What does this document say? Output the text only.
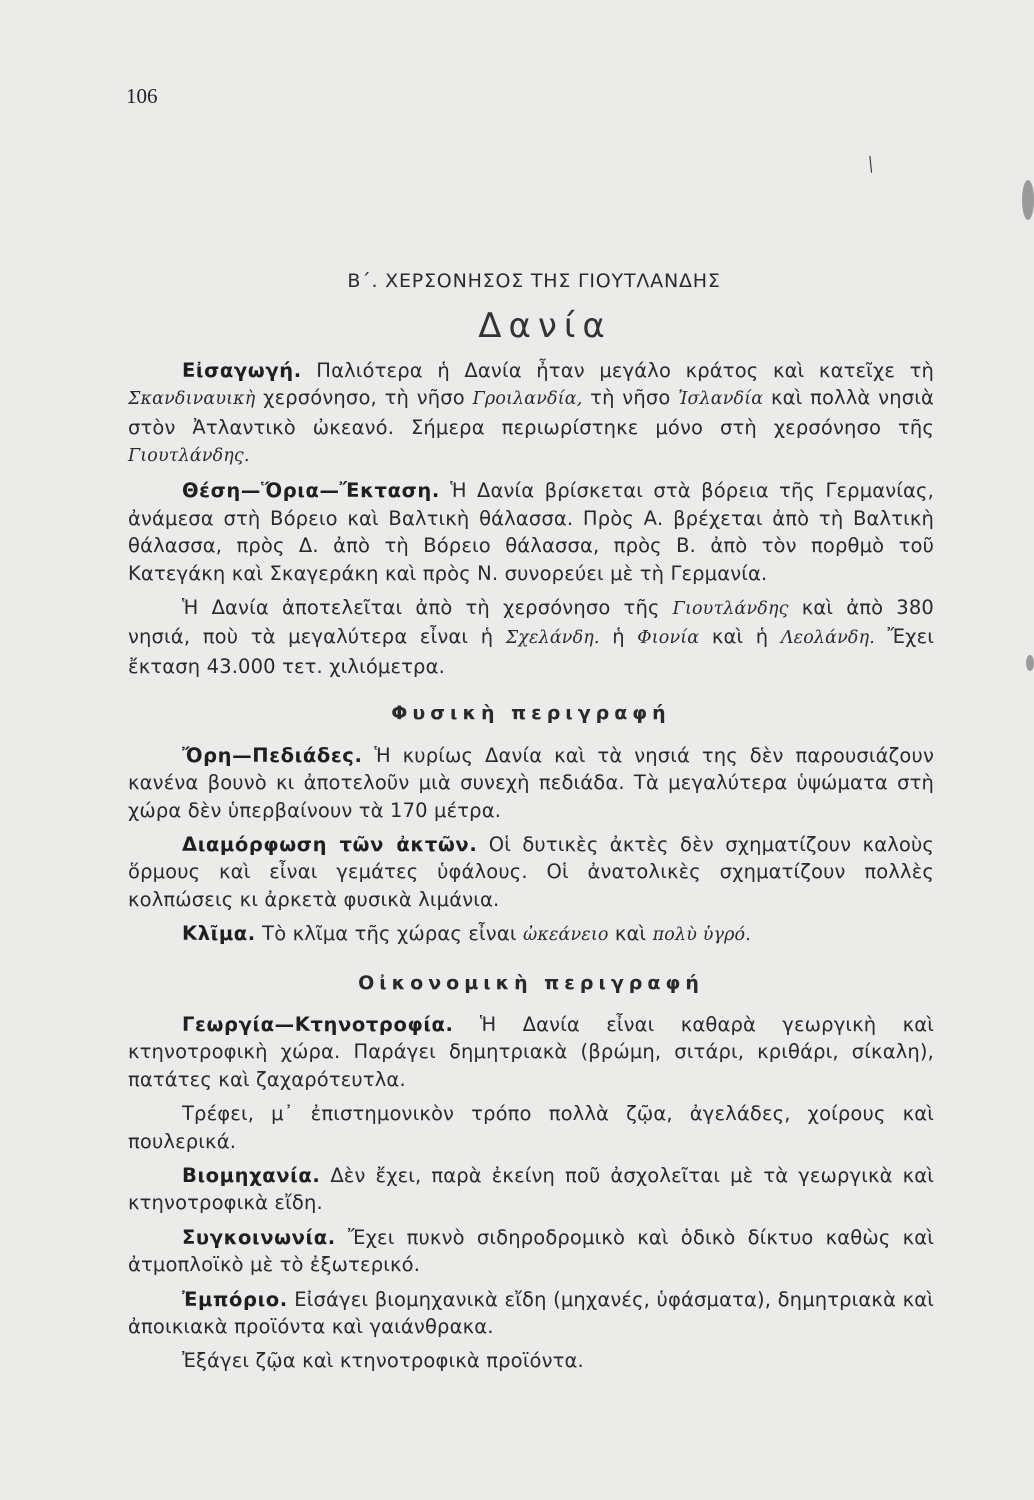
106
/
Β΄. ΧΕΡΣΟΝΗΣΟΣ ΤΗΣ ΓΙΟΥΤΛΑΝΔΗΣ
Δανία

Εἰσαγωγή. Παλιότερα ἡ Δανία ἦταν μεγάλο κράτος καὶ κατεῖχε τὴ Σκανδιναυικὴ χερσόνησο, τὴ νῆσο Γροιλανδία, τὴ νῆσο Ἰσλανδία καὶ πολλὰ νησιὰ στὸν Ἀτλαντικὸ ὠκεανό. Σήμερα περιωρίστηκε μόνο στὴ χερσόνησο τῆς Γιουτλάνδης.

Θέση—Ὅρια—Ἔκταση. Ἡ Δανία βρίσκεται στὰ βόρεια τῆς Γερμανίας, ἀνάμεσα στὴ Βόρειο καὶ Βαλτικὴ θάλασσα. Πρὸς Α. βρέχεται ἀπὸ τὴ Βαλτικὴ θάλασσα, πρὸς Δ. ἀπὸ τὴ Βόρειο θάλασσα, πρὸς Β. ἀπὸ τὸν πορθμὸ τοῦ Κατεγάκη καὶ Σκαγεράκη καὶ πρὸς Ν. συνορεύει μὲ τὴ Γερμανία.

Ἡ Δανία ἀποτελεῖται ἀπὸ τὴ χερσόνησο τῆς Γιουτλάνδης καὶ ἀπὸ 380 νησιά, ποὺ τὰ μεγαλύτερα εἶναι ἡ Σχελάνδη. ἡ Φιονία καὶ ἡ Λεολάνδη. Ἔχει ἔκταση 43.000 τετ. χιλιόμετρα.

Φυσικὴ περιγραφή

Ὄρη—Πεδιάδες. Ἡ κυρίως Δανία καὶ τὰ νησιά της δὲν παρουσιάζουν κανένα βουνὸ κι ἀποτελοῦν μιὰ συνεχὴ πεδιάδα. Τὰ μεγαλύτερα ὑψώματα στὴ χώρα δὲν ὑπερβαίνουν τὰ 170 μέτρα.

Διαμόρφωση τῶν ἀκτῶν. Οἱ δυτικὲς ἀκτὲς δὲν σχηματίζουν καλοὺς ὅρμους καὶ εἶναι γεμάτες ὑφάλους. Οἱ ἀνατολικὲς σχηματίζουν πολλὲς κολπώσεις κι ἀρκετὰ φυσικὰ λιμάνια.

Κλῖμα. Τὸ κλῖμα τῆς χώρας εἶναι ὠκεάνειο καὶ πολὺ ὑγρό.

Οἰκονομικὴ περιγραφή

Γεωργία—Κτηνοτροφία. Ἡ Δανία εἶναι καθαρὰ γεωργικὴ καὶ κτηνοτροφικὴ χώρα. Παράγει δημητριακὰ (βρώμη, σιτάρι, κριθάρι, σίκαλη), πατάτες καὶ ζαχαρότευτλα.

Τρέφει, μ᾽ ἐπιστημονικὸν τρόπο πολλὰ ζῷα, ἀγελάδες, χοίρους καὶ πουλερικά.

Βιομηχανία. Δὲν ἔχει, παρὰ ἐκείνη ποῦ ἀσχολεῖται μὲ τὰ γεωργικὰ καὶ κτηνοτροφικὰ εἴδη.

Συγκοινωνία. Ἔχει πυκνὸ σιδηροδρομικὸ καὶ ὁδικὸ δίκτυο καθὼς καὶ ἀτμοπλοϊκὸ μὲ τὸ ἐξωτερικό.

Ἐμπόριο. Εἰσάγει βιομηχανικὰ εἴδη (μηχανές, ὑφάσματα), δημητριακὰ καὶ ἀποικιακὰ προϊόντα καὶ γαιάνθρακα.

Ἐξάγει ζῷα καὶ κτηνοτροφικὰ προϊόντα.
